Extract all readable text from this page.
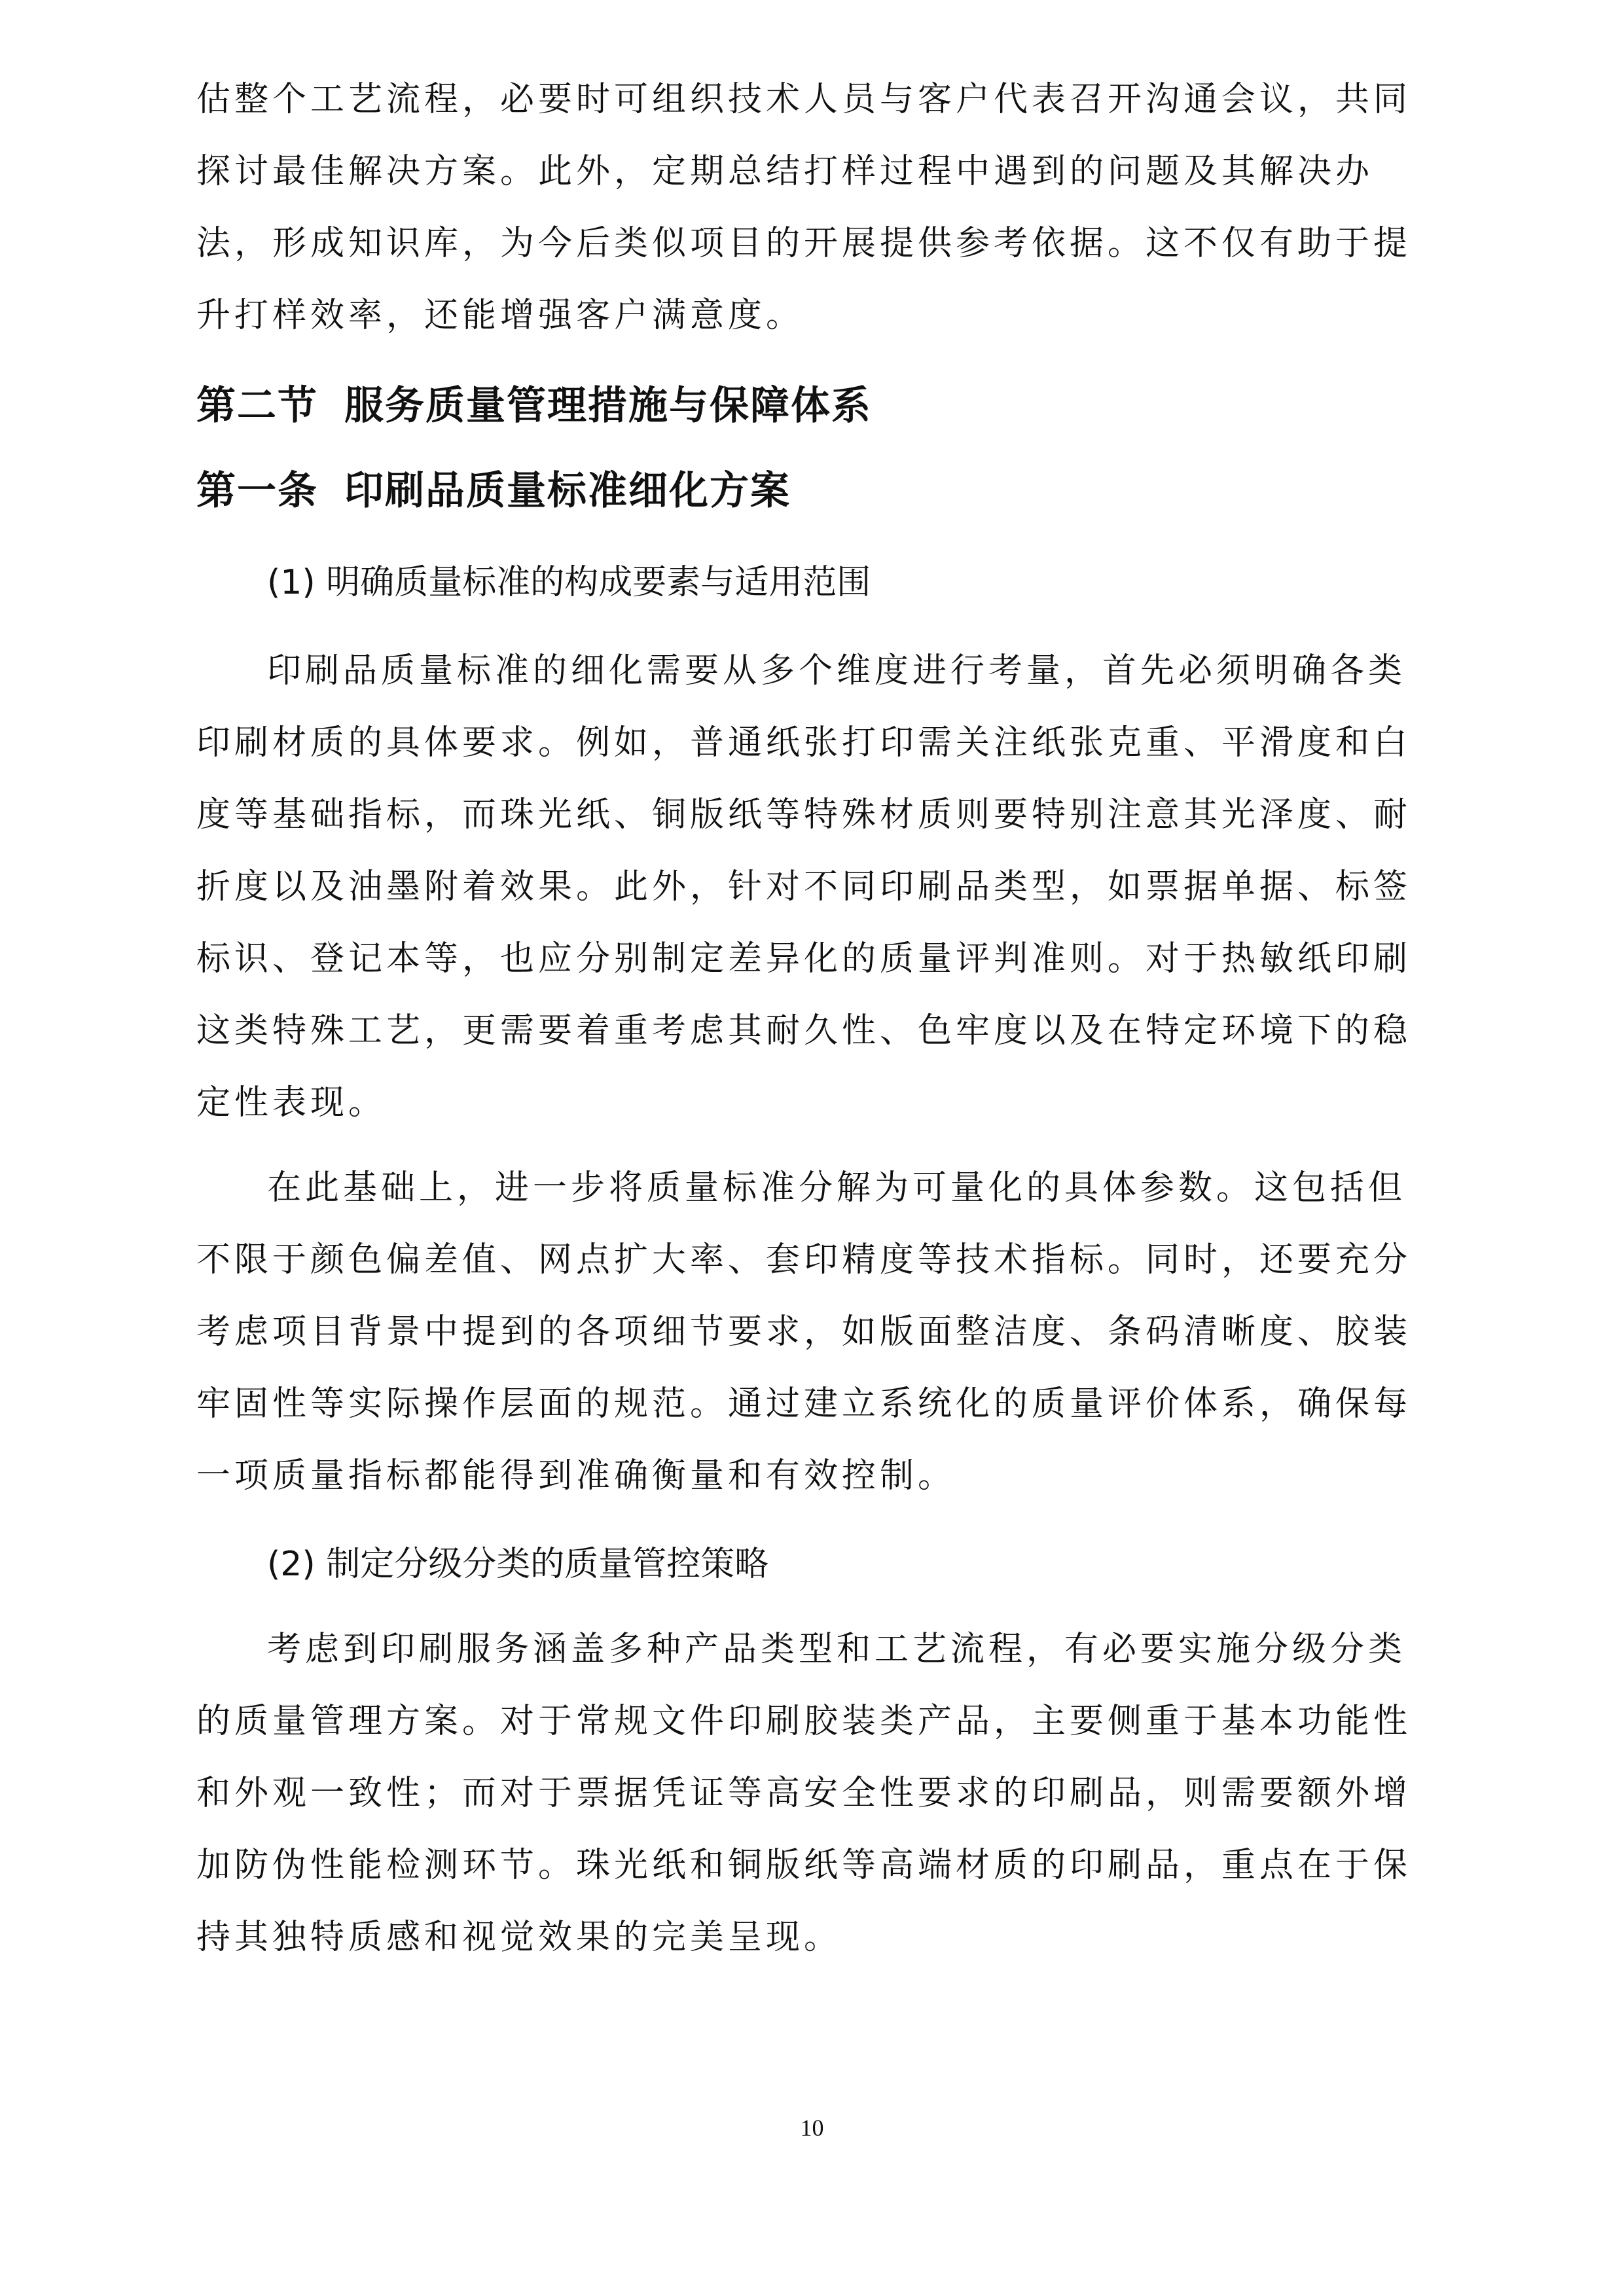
估整个工艺流程，必要时可组织技术人员与客户代表召开沟通会议，共同
探讨最佳解决方案。此外，定期总结打样过程中遇到的问题及其解决办
法，形成知识库，为今后类似项目的开展提供参考依据。这不仅有助于提
升打样效率，还能增强客户满意度。
第二节 服务质量管理措施与保障体系
第一条 印刷品质量标准细化方案
(1) 明确质量标准的构成要素与适用范围
印刷品质量标准的细化需要从多个维度进行考量，首先必须明确各类
印刷材质的具体要求。例如，普通纸张打印需关注纸张克重、平滑度和白
度等基础指标，而珠光纸、铜版纸等特殊材质则要特别注意其光泽度、耐
折度以及油墨附着效果。此外，针对不同印刷品类型，如票据单据、标签
标识、登记本等，也应分别制定差异化的质量评判准则。对于热敏纸印刷
这类特殊工艺，更需要着重考虑其耐久性、色牢度以及在特定环境下的稳
定性表现。
在此基础上，进一步将质量标准分解为可量化的具体参数。这包括但
不限于颜色偏差值、网点扩大率、套印精度等技术指标。同时，还要充分
考虑项目背景中提到的各项细节要求，如版面整洁度、条码清晰度、胶装
牢固性等实际操作层面的规范。通过建立系统化的质量评价体系，确保每
一项质量指标都能得到准确衡量和有效控制。
(2) 制定分级分类的质量管控策略
考虑到印刷服务涵盖多种产品类型和工艺流程，有必要实施分级分类
的质量管理方案。对于常规文件印刷胶装类产品，主要侧重于基本功能性
和外观一致性；而对于票据凭证等高安全性要求的印刷品，则需要额外增
加防伪性能检测环节。珠光纸和铜版纸等高端材质的印刷品，重点在于保
持其独特质感和视觉效果的完美呈现。
10
